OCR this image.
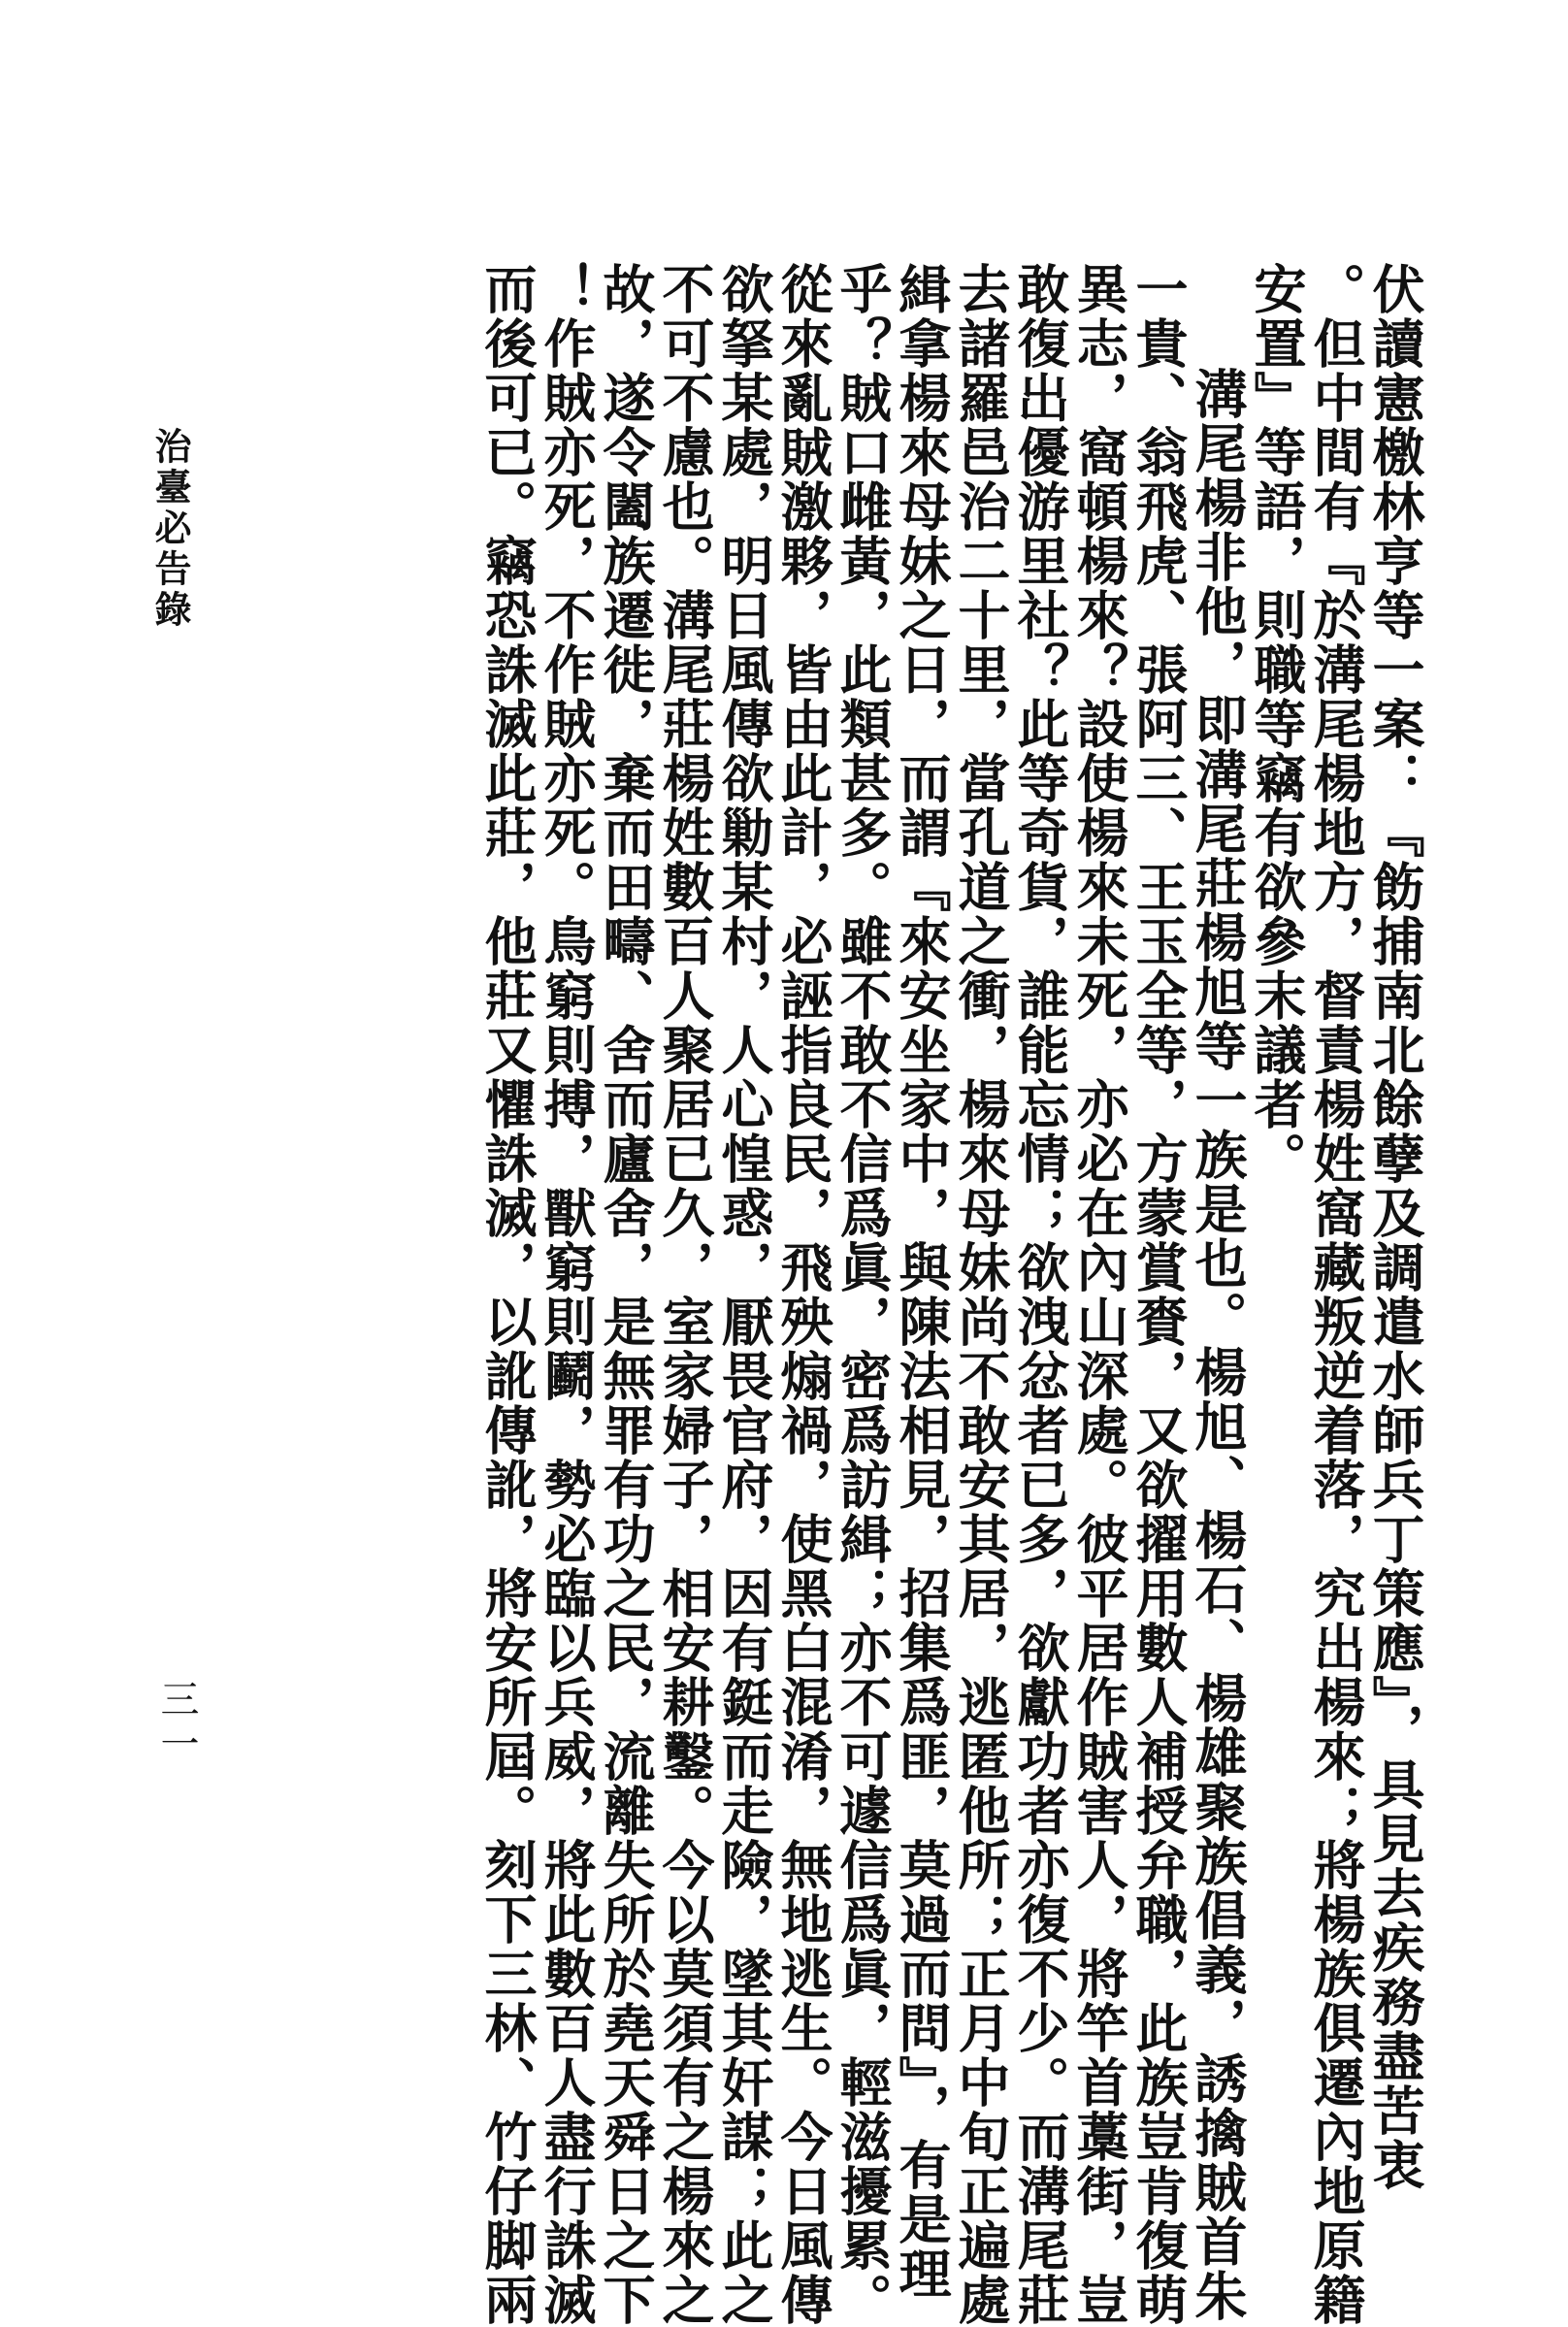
伏讀憲檄林亨等一案：『飭捕南北餘孽及調遣水師兵丁策應』，具見去疾務盡苦衷
。但中間有『於溝尾楊地方，督責楊姓窩藏叛逆着落，究出楊來；將楊族俱遷內地原籍
安置』等語，則職等竊有欲參末議者。
溝尾楊非他，即溝尾莊楊旭等一族是也。楊旭、楊石、楊雄聚族倡義，誘擒賊首朱
一貴、翁飛虎、張阿三、王玉全等，方蒙賞賚，又欲擢用數人補授弁職，此族豈肯復萌
異志，窩頓楊來？設使楊來未死，亦必在內山深處。彼平居作賊害人，將竿首藁街，豈
敢復出優游里社？此等奇貨，誰能忘情；欲洩忿者已多，欲獻功者亦復不少。而溝尾莊
去諸羅邑治二十里，當孔道之衝，楊來母妹尚不敢安其居，逃匿他所；正月中旬正遍處
緝拿楊來母妹之日，而謂『來安坐家中，與陳法相見，招集爲匪，莫過而問』，有是理
乎？賊口雌黃，此類甚多。雖不敢不信爲眞，密爲訪緝；亦不可遽信爲眞，輕滋擾累。
從來亂賊激夥，皆由此計，必誣指良民，飛殃煽禍，使黑白混淆，無地逃生。今日風傳
欲拏某處，明日風傳欲勦某村，人心惶惑，厭畏官府，因有鋌而走險，墜其奸謀；此之
不可不慮也。溝尾莊楊姓數百人聚居已久，室家婦子，相安耕鑿。今以莫須有之楊來之
故，遂令闔族遷徙，棄而田疇、舍而廬舍，是無罪有功之民，流離失所於堯天舜日之下
！作賊亦死，不作賊亦死。鳥窮則搏，獸窮則鬬，勢必臨以兵威，將此數百人盡行誅滅
而後可已。竊恐誅滅此莊，他莊又懼誅滅，以訛傳訛，將安所屆。刻下三林、竹仔脚兩
治臺必告錄
三一
